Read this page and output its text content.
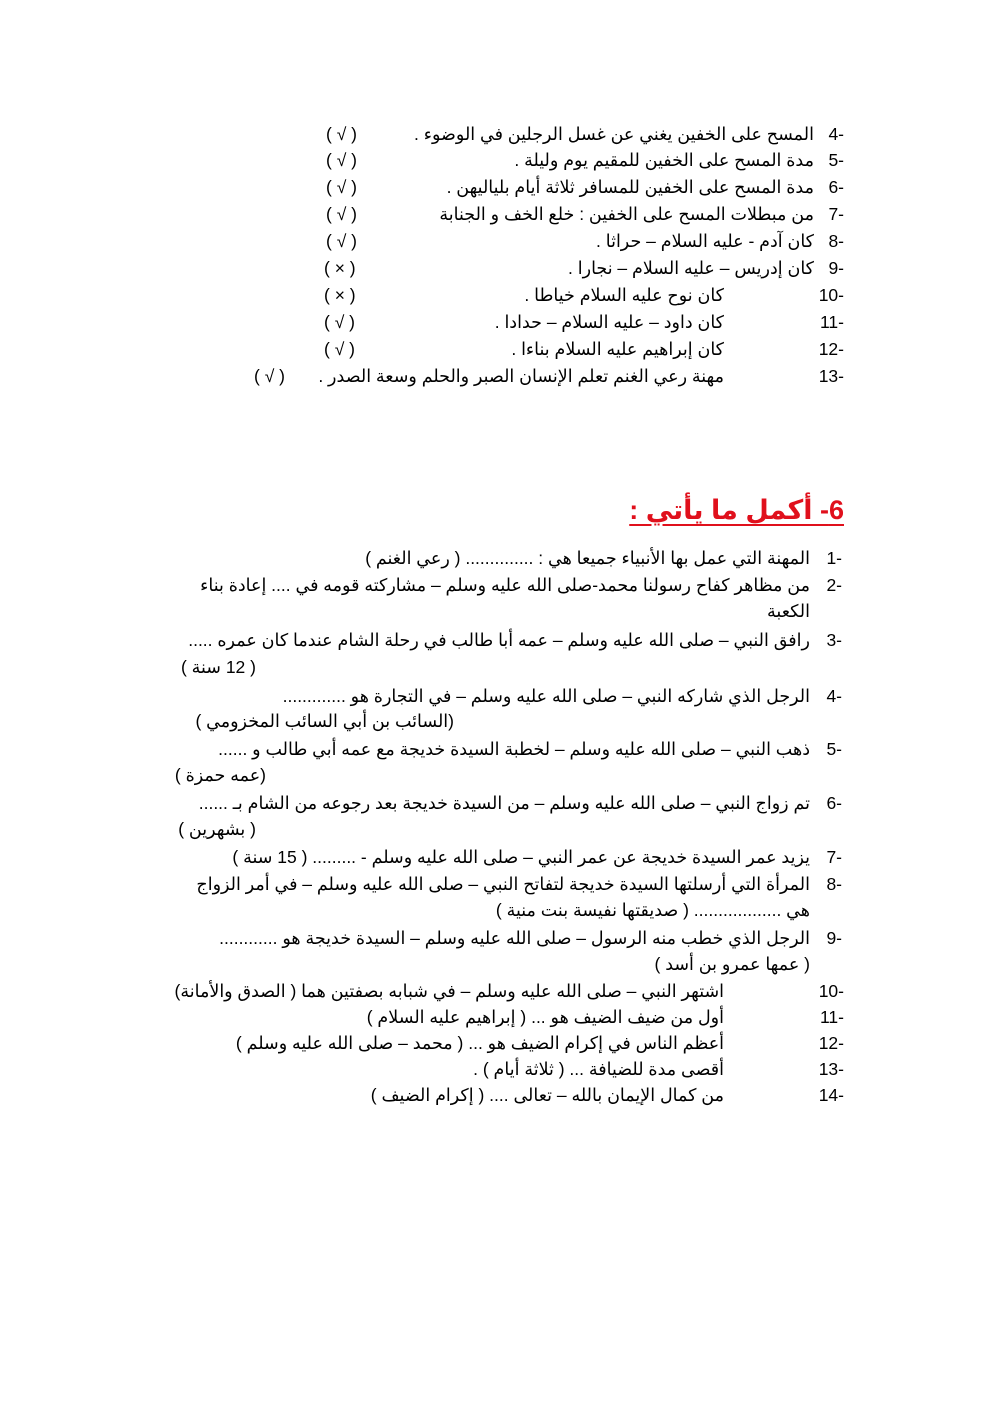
4-
المسح على الخفين يغني عن غسل الرجلين في الوضوء .
( √ )
5-
مدة المسح على الخفين للمقيم يوم وليلة .
( √ )
6-
مدة المسح على الخفين للمسافر ثلاثة أيام بلياليهن .
( √ )
7-
من مبطلات المسح على الخفين : خلع الخف و الجنابة
( √ )
8-
كان آدم - عليه السلام – حراثا .
( √ )
9-
كان إدريس – عليه السلام – نجارا .
( × )
10-
كان نوح عليه السلام خياطا .
( × )
11-
كان داود – عليه السلام – حدادا .
( √ )
12-
كان إبراهيم عليه السلام بناءا .
( √ )
13-
مهنة رعي الغنم تعلم الإنسان الصبر والحلم وسعة الصدر .
( √ )
6- أكمل ما يأتي :
1-
المهنة التي عمل بها الأنبياء جميعا هي : .............. ( رعي الغنم )
2-
من مظاهر كفاح رسولنا محمد-صلى الله عليه وسلم – مشاركته قومه في .... إعادة بناء
الكعبة
3-
رافق النبي – صلى الله عليه وسلم – عمه أبا طالب في رحلة الشام عندما كان عمره .....
( 12 سنة )
4-
الرجل الذي شاركه النبي – صلى الله عليه وسلم – في التجارة هو .............
(السائب بن أبي السائب المخزومي )
5-
ذهب النبي – صلى الله عليه وسلم – لخطبة السيدة خديجة مع عمه أبي طالب و ......
(عمه حمزة )
6-
تم زواج النبي – صلى الله عليه وسلم – من السيدة خديجة بعد رجوعه من الشام بـ ......
( بشهرين )
7-
يزيد عمر السيدة خديجة عن عمر النبي – صلى الله عليه وسلم - ......... ( 15 سنة )
8-
المرأة التي أرسلتها السيدة خديجة لتفاتح النبي – صلى الله عليه وسلم – في أمر الزواج
هي .................. ( صديقتها نفيسة بنت منية )
9-
الرجل الذي خطب منه الرسول – صلى الله عليه وسلم – السيدة خديجة هو ............
( عمها عمرو بن أسد )
10-
اشتهر النبي – صلى الله عليه وسلم – في شبابه بصفتين هما ( الصدق والأمانة)
11-
أول من ضيف الضيف هو ... ( إبراهيم عليه السلام )
12-
أعظم الناس في إكرام الضيف هو ... ( محمد – صلى الله عليه وسلم )
13-
أقصى مدة للضيافة ... ( ثلاثة أيام ) .
14-
من كمال الإيمان بالله – تعالى .... ( إكرام الضيف )
